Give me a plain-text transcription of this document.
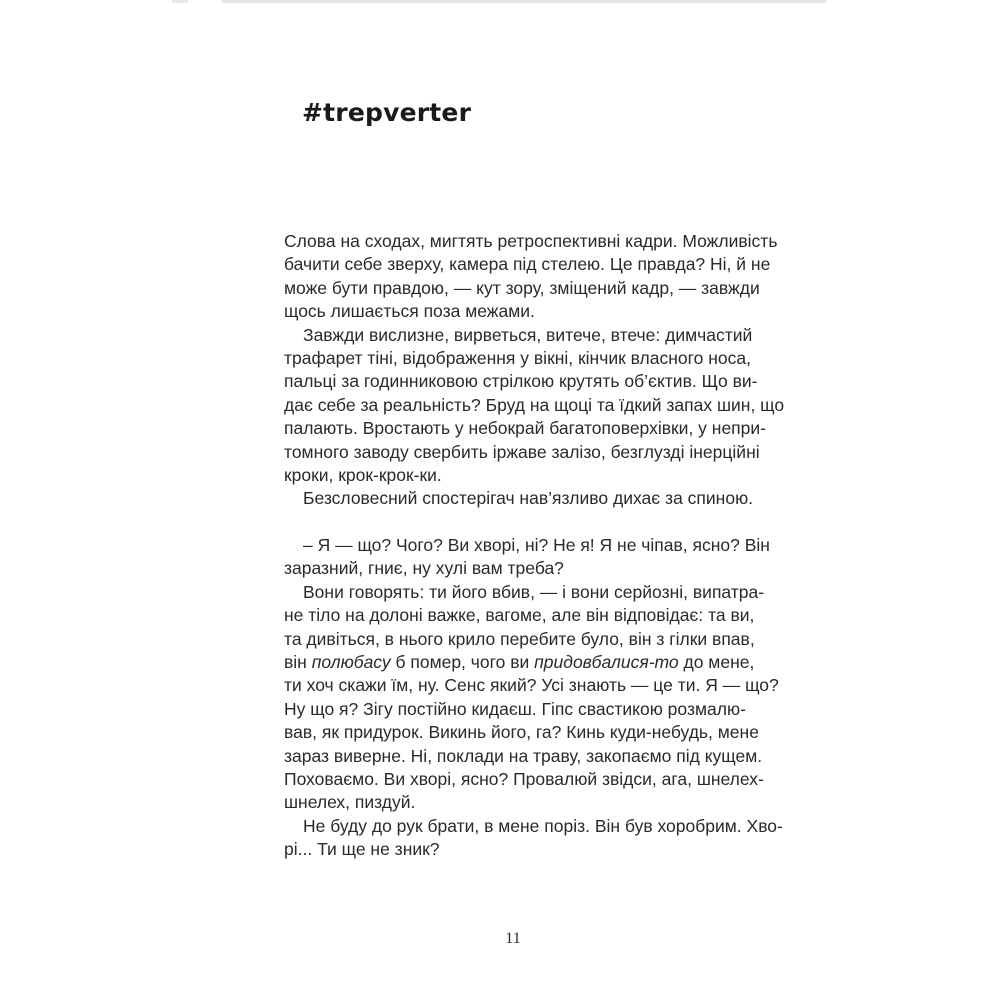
#trepverter
Слова на сходах, мигтять ретроспективні кадри. Можливість
бачити себе зверху, камера під стелею. Це правда? Ні, й не
може бути правдою, — кут зору, зміщений кадр, — завжди
щось лишається поза межами.
Завжди вислизне, вирветься, витече, втече: димчастий
трафарет тіні, відображення у вікні, кінчик власного носа,
пальці за годинниковою стрілкою крутять об’єктив. Що ви-
дає себе за реальність? Бруд на щоці та їдкий запах шин, що
палають. Вростають у небокрай багатоповерхівки, у непри-
томного заводу свербить іржаве залізо, безглузді інерційні
кроки, крок-крок-ки.
Безсловесний спостерігач нав’язливо дихає за спиною.
– Я — що? Чого? Ви хворі, ні? Не я! Я не чіпав, ясно? Він
заразний, гниє, ну хулі вам треба?
Вони говорять: ти його вбив, — і вони серйозні, випатра-
не тіло на долоні важке, вагоме, але він відповідає: та ви,
та дивіться, в нього крило перебите було, він з гілки впав,
він полюбасу б помер, чого ви придовбалися-то до мене,
ти хоч скажи їм, ну. Сенс який? Усі знають — це ти. Я — що?
Ну що я? Зігу постійно кидаєш. Гіпс свастикою розмалю-
вав, як придурок. Викинь його, га? Кинь куди-небудь, мене
зараз виверне. Ні, поклади на траву, закопаємо під кущем.
Поховаємо. Ви хворі, ясно? Провалюй звідси, ага, шнелех-
шнелех, пиздуй.
Не буду до рук брати, в мене поріз. Він був хоробрим. Хво-
рі... Ти ще не зник?
11
